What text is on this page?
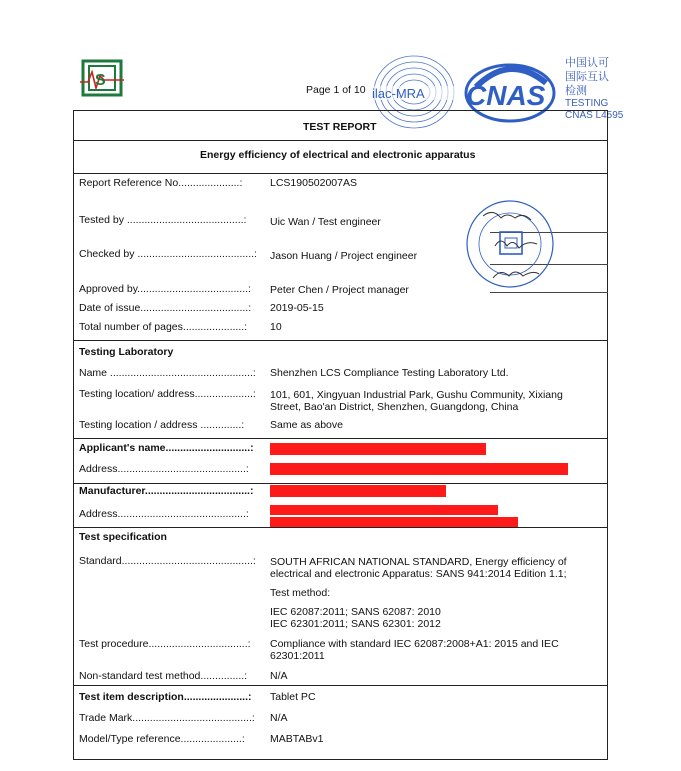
S
Page 1 of 10 ilac-MRA CNAS
中国认可
国际互认
检测
TESTING
CNAS L4595
TEST REPORT
Energy efficiency of electrical and electronic apparatus
Report Reference No.....................:	LCS190502007AS
Tested by ........................................: Uic Wan / Test engineer
Checked by ........................................: Jason Huang / Project engineer
Approved by......................................: Peter Chen / Project manager
Date of issue.....................................: 2019-05-15
Total number of pages.....................: 10
Testing Laboratory
Name .................................................: Shenzhen LCS Compliance Testing Laboratory Ltd.
Testing location/ address....................: 101, 601, Xingyuan Industrial Park, Gushu Community, Xixiang Street, Bao'an District, Shenzhen, Guangdong, China
Testing location / address ..............: Same as above
Applicant's name.............................:
Address............................................:
Manufacturer....................................:
Address............................................:
Test specification
Standard.............................................: SOUTH AFRICAN NATIONAL STANDARD, Energy efficiency of electrical and electronic Apparatus: SANS 941:2014 Edition 1.1;
Test method:
IEC 62087:2011; SANS 62087: 2010
IEC 62301:2011; SANS 62301: 2012
Test procedure..................................: Compliance with standard IEC 62087:2008+A1: 2015 and IEC 62301:2011
Non-standard test method...............: N/A
Test item description......................: Tablet PC
Trade Mark.........................................: N/A
Model/Type reference.....................: MABTABv1
